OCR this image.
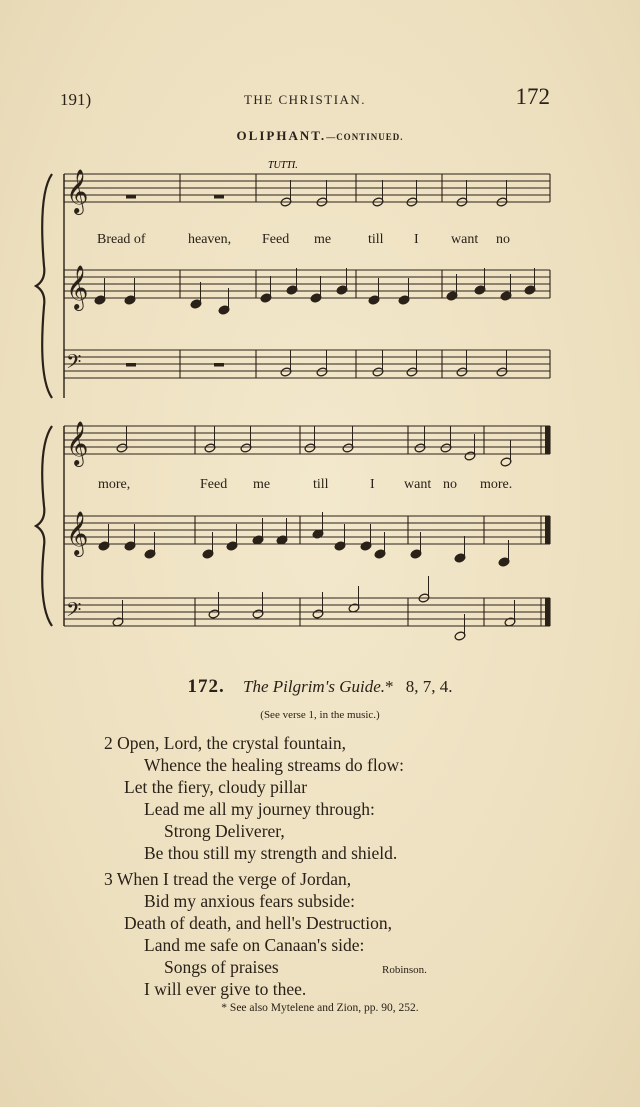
191)	THE CHRISTIAN.	172
OLIPHANT.—CONTINUED.
𝄞
𝄞
𝄢
𝄞
𝄞
𝄢
TUTTI.
Bread of	heaven, Feed me	till I want no
more,	Feed me	till	I want no more.
172. The Pilgrim's Guide.* 8, 7, 4.
(See verse 1, in the music.)
2 Open, Lord, the crystal fountain,
Whence the healing streams do flow:
Let the fiery, cloudy pillar
Lead me all my journey through:
Strong Deliverer,
Be thou still my strength and shield.
3 When I tread the verge of Jordan,
Bid my anxious fears subside:
Death of death, and hell's Destruction,
Land me safe on Canaan's side:
Songs of praises
I will ever give to thee.
Robinson.
* See also Mytelene and Zion, pp. 90, 252.
